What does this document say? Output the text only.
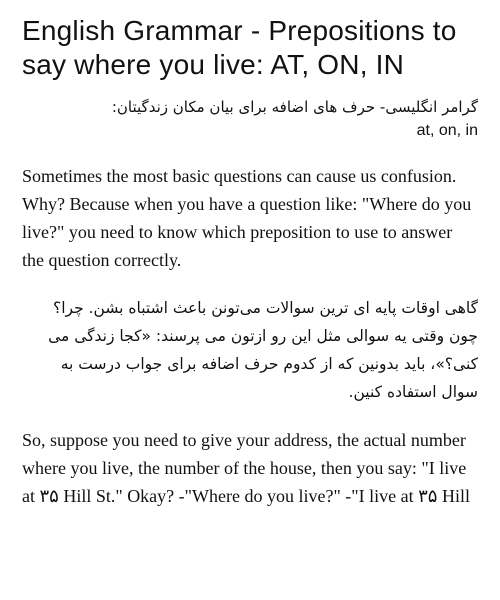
English Grammar - Prepositions to say where you live: AT, ON, IN

گرامر انگلیسی- حرف های اضافه برای بیان مکان زندگیتان:

at, on, in

Sometimes the most basic questions can cause us confusion. Why? Because when you have a question like: "Where do you live?" you need to know which preposition to use to answer the question correctly.

گاهی اوقات پایه ای ترین سوالات می‌تونن باعث اشتباه بشن. چرا؟ چون وقتی یه سوالی مثل این رو ازتون می پرسند: «کجا زندگی می کنی؟»، باید بدونین که از کدوم حرف اضافه برای جواب درست به سوال استفاده کنین.

So, suppose you need to give your address, the actual number where you live, the number of the house, then you say: "I live at ۳۵ Hill St." Okay? -"Where do you live?" -"I live at ۳۵ Hill
